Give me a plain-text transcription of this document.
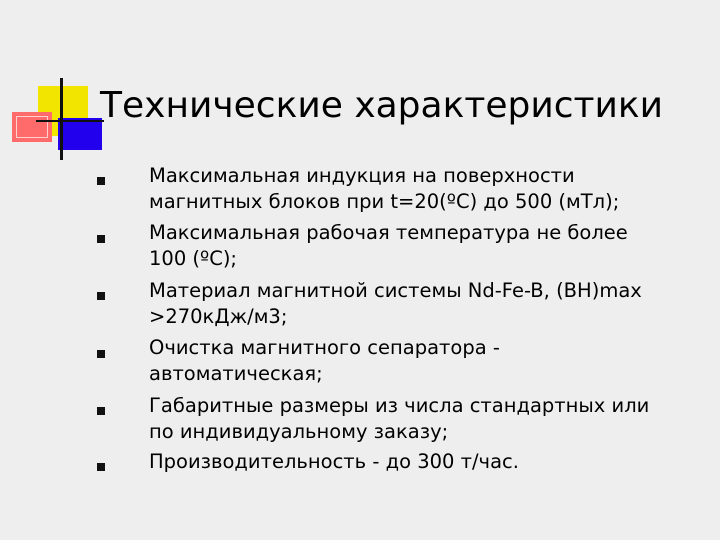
Технические характеристики
Максимальная индукция на поверхности
магнитных блоков при t=20(ºС) до 500 (мТл);
Максимальная рабочая температура не более
100 (ºС);
Материал магнитной системы Nd-Fe-B, (BH)max
>270кДж/м3;
Очистка магнитного сепаратора -
автоматическая;
Габаритные размеры из числа стандартных или
по индивидуальному заказу;
Производительность - до 300 т/час.
